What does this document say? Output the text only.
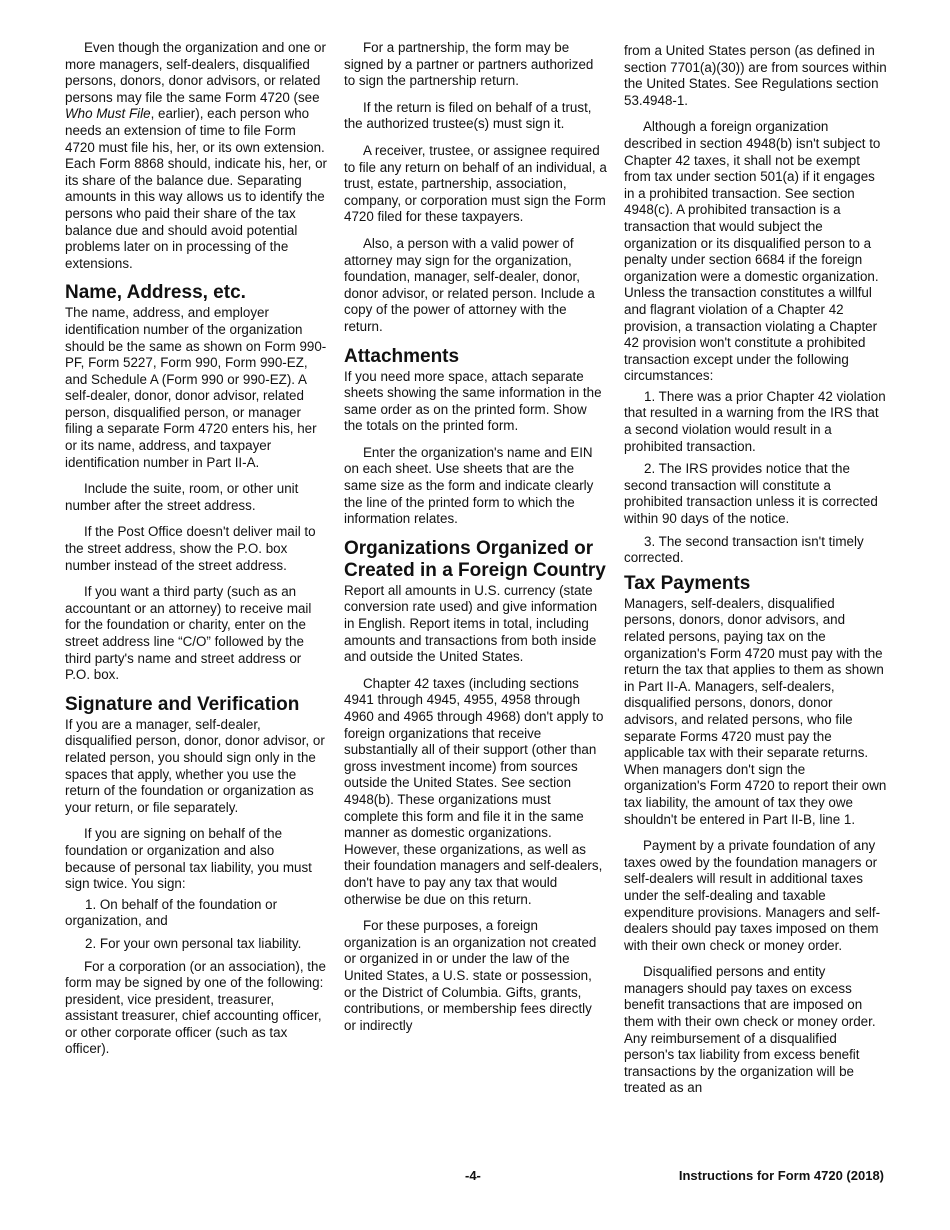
Even though the organization and one or more managers, self-dealers, disqualified persons, donors, donor advisors, or related persons may file the same Form 4720 (see Who Must File, earlier), each person who needs an extension of time to file Form 4720 must file his, her, or its own extension. Each Form 8868 should, indicate his, her, or its share of the balance due. Separating amounts in this way allows us to identify the persons who paid their share of the tax balance due and should avoid potential problems later on in processing of the extensions.

Name, Address, etc.

The name, address, and employer identification number of the organization should be the same as shown on Form 990-PF, Form 5227, Form 990, Form 990-EZ, and Schedule A (Form 990 or 990-EZ). A self-dealer, donor, donor advisor, related person, disqualified person, or manager filing a separate Form 4720 enters his, her or its name, address, and taxpayer identification number in Part II-A.

Include the suite, room, or other unit number after the street address.

If the Post Office doesn't deliver mail to the street address, show the P.O. box number instead of the street address.

If you want a third party (such as an accountant or an attorney) to receive mail for the foundation or charity, enter on the street address line “C/O” followed by the third party's name and street address or P.O. box.

Signature and Verification

If you are a manager, self-dealer, disqualified person, donor, donor advisor, or related person, you should sign only in the spaces that apply, whether you use the return of the foundation or organization as your return, or file separately.

If you are signing on behalf of the foundation or organization and also because of personal tax liability, you must sign twice. You sign:

1. On behalf of the foundation or organization, and

2. For your own personal tax liability.

For a corporation (or an association), the form may be signed by one of the following: president, vice president, treasurer, assistant treasurer, chief accounting officer, or other corporate officer (such as tax officer).

For a partnership, the form may be signed by a partner or partners authorized to sign the partnership return.

If the return is filed on behalf of a trust, the authorized trustee(s) must sign it.

A receiver, trustee, or assignee required to file any return on behalf of an individual, a trust, estate, partnership, association, company, or corporation must sign the Form 4720 filed for these taxpayers.

Also, a person with a valid power of attorney may sign for the organization, foundation, manager, self-dealer, donor, donor advisor, or related person. Include a copy of the power of attorney with the return.

Attachments

If you need more space, attach separate sheets showing the same information in the same order as on the printed form. Show the totals on the printed form.

Enter the organization's name and EIN on each sheet. Use sheets that are the same size as the form and indicate clearly the line of the printed form to which the information relates.

Organizations Organized or Created in a Foreign Country

Report all amounts in U.S. currency (state conversion rate used) and give information in English. Report items in total, including amounts and transactions from both inside and outside the United States.

Chapter 42 taxes (including sections 4941 through 4945, 4955, 4958 through 4960 and 4965 through 4968) don't apply to foreign organizations that receive substantially all of their support (other than gross investment income) from sources outside the United States. See section 4948(b). These organizations must complete this form and file it in the same manner as domestic organizations. However, these organizations, as well as their foundation managers and self-dealers, don't have to pay any tax that would otherwise be due on this return.

For these purposes, a foreign organization is an organization not created or organized in or under the law of the United States, a U.S. state or possession, or the District of Columbia. Gifts, grants, contributions, or membership fees directly or indirectly

from a United States person (as defined in section 7701(a)(30)) are from sources within the United States. See Regulations section 53.4948-1.

Although a foreign organization described in section 4948(b) isn't subject to Chapter 42 taxes, it shall not be exempt from tax under section 501(a) if it engages in a prohibited transaction. See section 4948(c). A prohibited transaction is a transaction that would subject the organization or its disqualified person to a penalty under section 6684 if the foreign organization were a domestic organization. Unless the transaction constitutes a willful and flagrant violation of a Chapter 42 provision, a transaction violating a Chapter 42 provision won't constitute a prohibited transaction except under the following circumstances:

1. There was a prior Chapter 42 violation that resulted in a warning from the IRS that a second violation would result in a prohibited transaction.

2. The IRS provides notice that the second transaction will constitute a prohibited transaction unless it is corrected within 90 days of the notice.

3. The second transaction isn't timely corrected.

Tax Payments

Managers, self-dealers, disqualified persons, donors, donor advisors, and related persons, paying tax on the organization's Form 4720 must pay with the return the tax that applies to them as shown in Part II-A. Managers, self-dealers, disqualified persons, donors, donor advisors, and related persons, who file separate Forms 4720 must pay the applicable tax with their separate returns. When managers don't sign the organization's Form 4720 to report their own tax liability, the amount of tax they owe shouldn't be entered in Part II-B, line 1.

Payment by a private foundation of any taxes owed by the foundation managers or self-dealers will result in additional taxes under the self-dealing and taxable expenditure provisions. Managers and self-dealers should pay taxes imposed on them with their own check or money order.

Disqualified persons and entity managers should pay taxes on excess benefit transactions that are imposed on them with their own check or money order. Any reimbursement of a disqualified person's tax liability from excess benefit transactions by the organization will be treated as an

-4-	Instructions for Form 4720 (2018)
